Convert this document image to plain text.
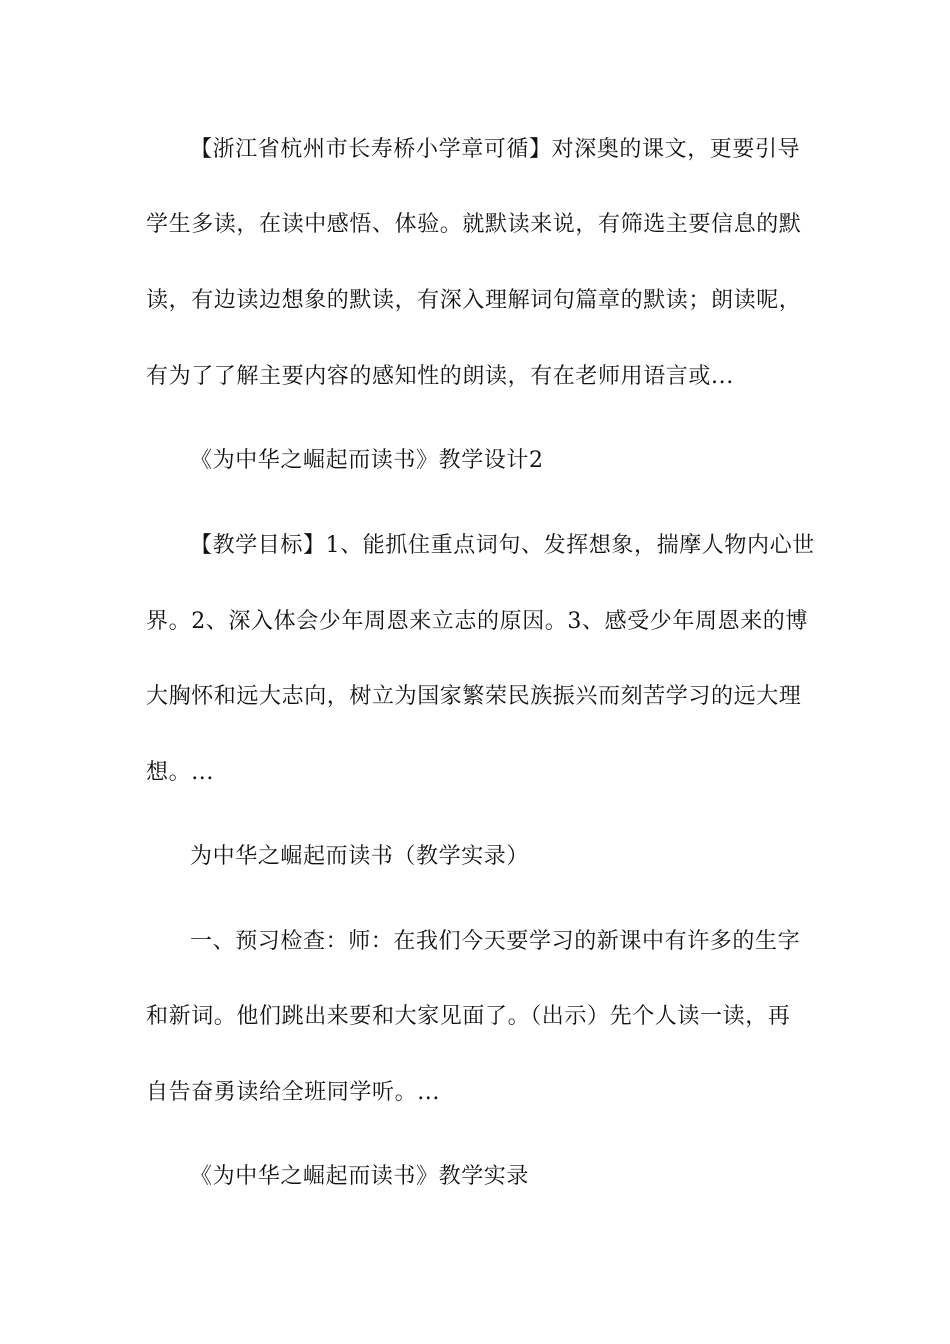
【浙江省杭州市长寿桥小学章可循】对深奥的课文，更要引导
学生多读，在读中感悟、体验。就默读来说，有筛选主要信息的默
读，有边读边想象的默读，有深入理解词句篇章的默读；朗读呢，
有为了了解主要内容的感知性的朗读，有在老师用语言或...
《为中华之崛起而读书》教学设计2
【教学目标】1、能抓住重点词句、发挥想象，揣摩人物内心世
界。2、深入体会少年周恩来立志的原因。3、感受少年周恩来的博
大胸怀和远大志向，树立为国家繁荣民族振兴而刻苦学习的远大理
想。...
为中华之崛起而读书（教学实录）
一、预习检查：师：在我们今天要学习的新课中有许多的生字
和新词。他们跳出来要和大家见面了。（出示）先个人读一读，再
自告奋勇读给全班同学听。...
《为中华之崛起而读书》教学实录
